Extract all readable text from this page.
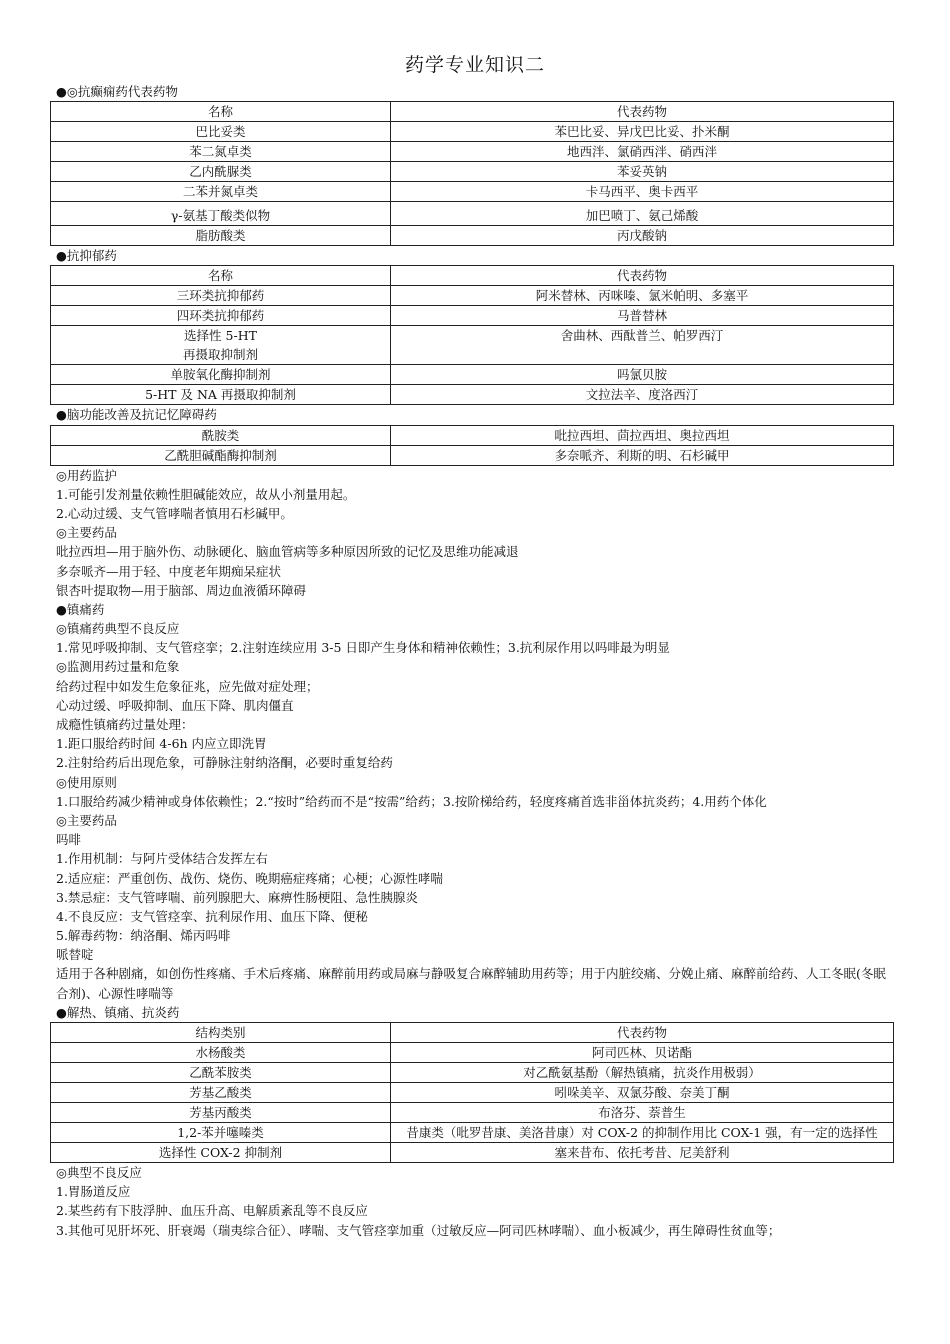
药学专业知识二
●◎抗癫痫药代表药物
名称	代表药物
巴比妥类	苯巴比妥、异戊巴比妥、扑米酮
苯二氮卓类	地西泮、氯硝西泮、硝西泮
乙内酰脲类	苯妥英钠
二苯并氮卓类	卡马西平、奥卡西平
γ-氨基丁酸类似物	加巴喷丁、氨己烯酸
脂肪酸类	丙戊酸钠
●抗抑郁药
名称	代表药物
三环类抗抑郁药	阿米替林、丙咪嗪、氯米帕明、多塞平
四环类抗抑郁药	马普替林

选择性 5-HT
再摄取抑制剂	舍曲林、西酞普兰、帕罗西汀
单胺氧化酶抑制剂	吗氯贝胺
5-HT 及 NA 再摄取抑制剂	文拉法辛、度洛西汀
●脑功能改善及抗记忆障碍药
酰胺类	吡拉西坦、茴拉西坦、奥拉西坦
乙酰胆碱酯酶抑制剂	多奈哌齐、利斯的明、石杉碱甲
◎用药监护
1.可能引发剂量依赖性胆碱能效应，故从小剂量用起。
2.心动过缓、支气管哮喘者慎用石杉碱甲。
◎主要药品
吡拉西坦—用于脑外伤、动脉硬化、脑血管病等多种原因所致的记忆及思维功能减退
多奈哌齐—用于轻、中度老年期痴呆症状
银杏叶提取物—用于脑部、周边血液循环障碍
●镇痛药
◎镇痛药典型不良反应
1.常见呼吸抑制、支气管痉挛；2.注射连续应用 3-5 日即产生身体和精神依赖性；3.抗利尿作用以吗啡最为明显
◎监测用药过量和危象
给药过程中如发生危象征兆，应先做对症处理；
心动过缓、呼吸抑制、血压下降、肌肉僵直
成瘾性镇痛药过量处理：
1.距口服给药时间 4-6h 内应立即洗胃
2.注射给药后出现危象，可静脉注射纳洛酮，必要时重复给药
◎使用原则
1.口服给药减少精神或身体依赖性；2.“按时”给药而不是“按需”给药；3.按阶梯给药，轻度疼痛首选非甾体抗炎药；4.用药个体化
◎主要药品
吗啡
1.作用机制：与阿片受体结合发挥左右
2.适应症：严重创伤、战伤、烧伤、晚期癌症疼痛；心梗；心源性哮喘
3.禁忌症：支气管哮喘、前列腺肥大、麻痹性肠梗阻、急性胰腺炎
4.不良反应：支气管痉挛、抗利尿作用、血压下降、便秘
5.解毒药物：纳洛酮、烯丙吗啡
哌替啶
适用于各种剧痛，如创伤性疼痛、手术后疼痛、麻醉前用药或局麻与静吸复合麻醉辅助用药等；用于内脏绞痛、分娩止痛、麻醉前给药、人工冬眠(冬眠合剂)、心源性哮喘等
●解热、镇痛、抗炎药
结构类别	代表药物
水杨酸类	阿司匹林、贝诺酯
乙酰苯胺类	对乙酰氨基酚（解热镇痛，抗炎作用极弱）
芳基乙酸类	吲哚美辛、双氯芬酸、奈美丁酮
芳基丙酸类	布洛芬、萘普生
1,2-苯并噻嗪类	昔康类（吡罗昔康、美洛昔康）对 COX-2 的抑制作用比 COX-1 强，有一定的选择性
选择性 COX-2 抑制剂	塞来昔布、依托考昔、尼美舒利
◎典型不良反应
1.胃肠道反应
2.某些药有下肢浮肿、血压升高、电解质紊乱等不良反应
3.其他可见肝坏死、肝衰竭（瑞夷综合征）、哮喘、支气管痉挛加重（过敏反应—阿司匹林哮喘）、血小板减少，再生障碍性贫血等；
